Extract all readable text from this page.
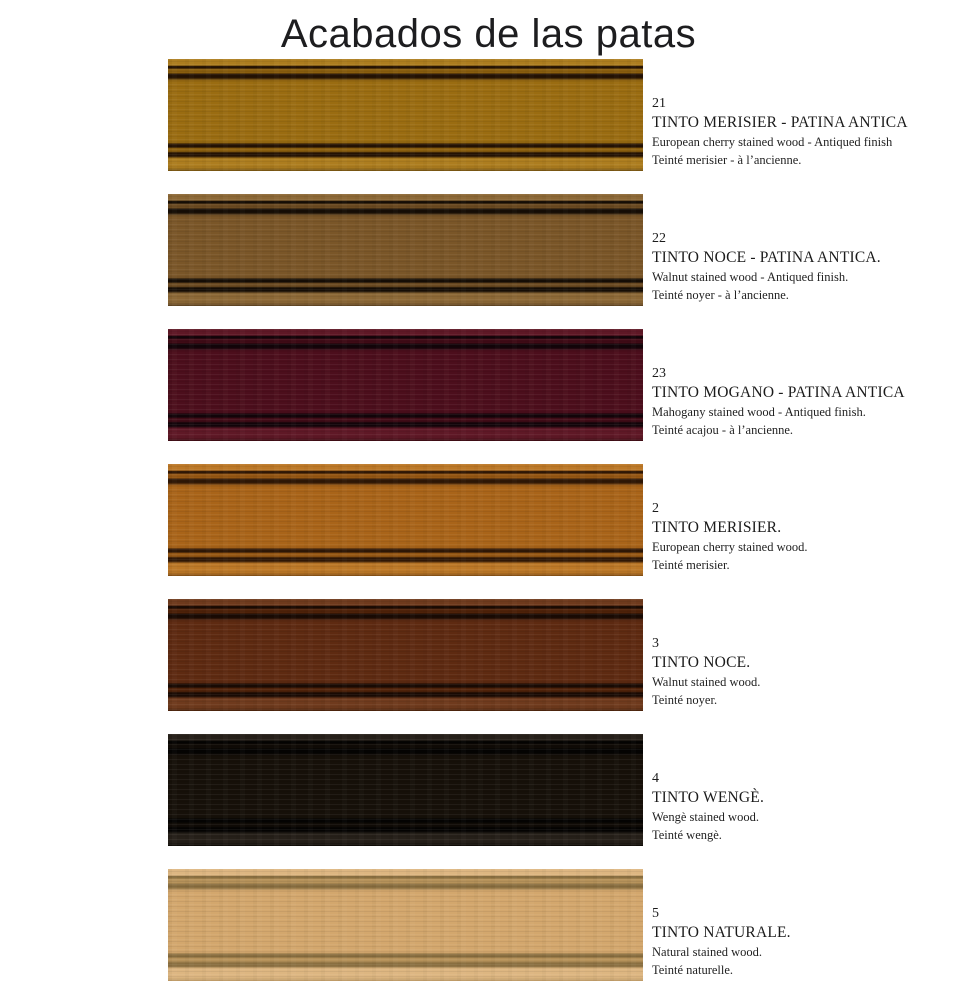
Acabados de las patas
21
TINTO MERISIER - PATINA ANTICA
European cherry stained wood - Antiqued finish
Teinté merisier - à l’ancienne.
22
TINTO NOCE - PATINA ANTICA.
Walnut stained wood - Antiqued finish.
Teinté noyer - à l’ancienne.
23
TINTO MOGANO - PATINA ANTICA
Mahogany stained wood - Antiqued finish.
Teinté acajou - à l’ancienne.
2
TINTO MERISIER.
European cherry stained wood.
Teinté merisier.
3
TINTO NOCE.
Walnut stained wood.
Teinté noyer.
4
TINTO WENGÈ.
Wengè stained wood.
Teinté wengè.
5
TINTO NATURALE.
Natural stained wood.
Teinté naturelle.
